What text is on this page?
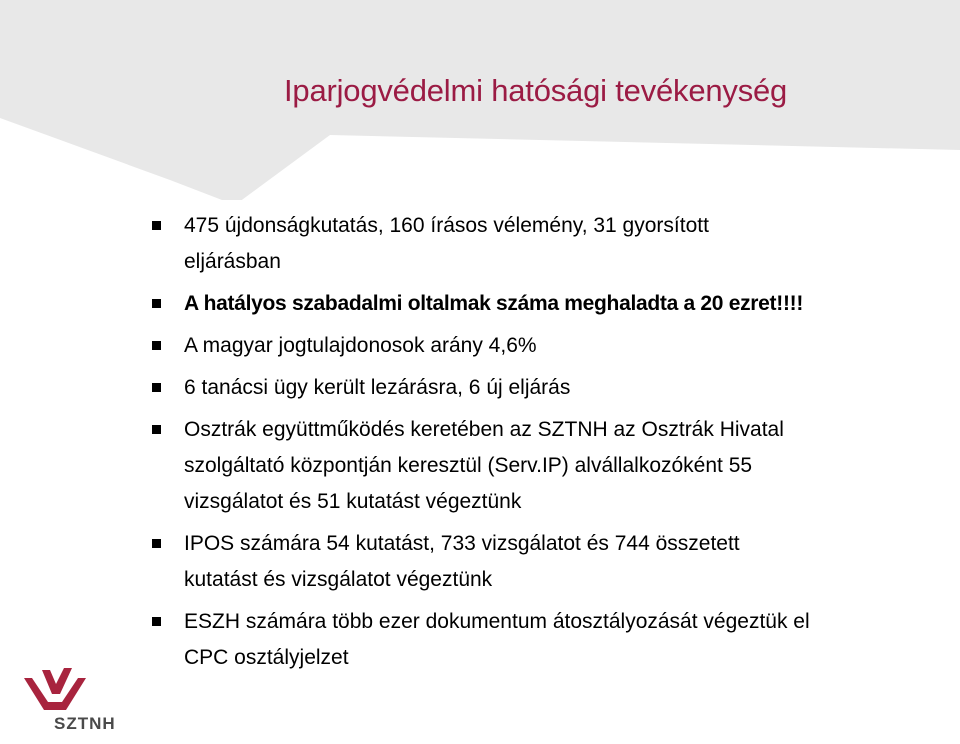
Iparjogvédelmi hatósági tevékenység
475 újdonságkutatás, 160 írásos vélemény, 31 gyorsított
eljárásban
A hatályos szabadalmi oltalmak száma meghaladta a 20 ezret!!!!
A magyar jogtulajdonosok arány 4,6%
6 tanácsi ügy került lezárásra, 6 új eljárás
Osztrák együttműködés keretében az SZTNH az Osztrák Hivatal
szolgáltató központján keresztül (Serv.IP) alvállalkozóként 55
vizsgálatot és 51 kutatást végeztünk
IPOS számára 54 kutatást, 733 vizsgálatot és 744 összetett
kutatást és vizsgálatot végeztünk
ESZH számára több ezer dokumentum átosztályozását végeztük el
CPC osztályjelzet
SZTNH
